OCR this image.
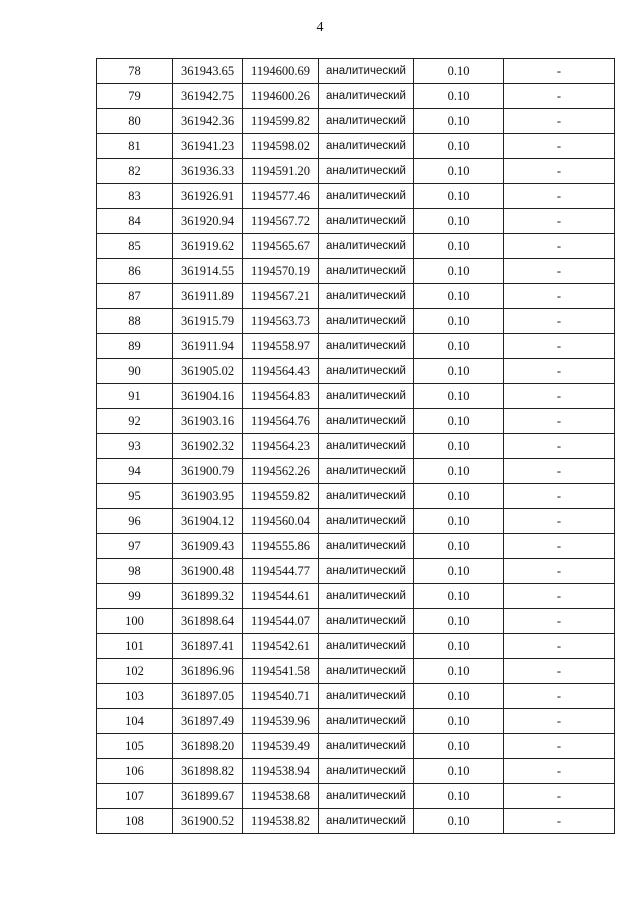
4
78	361943.65	1194600.69	аналитический	0.10	-
79	361942.75	1194600.26	аналитический	0.10	-
80	361942.36	1194599.82	аналитический	0.10	-
81	361941.23	1194598.02	аналитический	0.10	-
82	361936.33	1194591.20	аналитический	0.10	-
83	361926.91	1194577.46	аналитический	0.10	-
84	361920.94	1194567.72	аналитический	0.10	-
85	361919.62	1194565.67	аналитический	0.10	-
86	361914.55	1194570.19	аналитический	0.10	-
87	361911.89	1194567.21	аналитический	0.10	-
88	361915.79	1194563.73	аналитический	0.10	-
89	361911.94	1194558.97	аналитический	0.10	-
90	361905.02	1194564.43	аналитический	0.10	-
91	361904.16	1194564.83	аналитический	0.10	-
92	361903.16	1194564.76	аналитический	0.10	-
93	361902.32	1194564.23	аналитический	0.10	-
94	361900.79	1194562.26	аналитический	0.10	-
95	361903.95	1194559.82	аналитический	0.10	-
96	361904.12	1194560.04	аналитический	0.10	-
97	361909.43	1194555.86	аналитический	0.10	-
98	361900.48	1194544.77	аналитический	0.10	-
99	361899.32	1194544.61	аналитический	0.10	-
100	361898.64	1194544.07	аналитический	0.10	-
101	361897.41	1194542.61	аналитический	0.10	-
102	361896.96	1194541.58	аналитический	0.10	-
103	361897.05	1194540.71	аналитический	0.10	-
104	361897.49	1194539.96	аналитический	0.10	-
105	361898.20	1194539.49	аналитический	0.10	-
106	361898.82	1194538.94	аналитический	0.10	-
107	361899.67	1194538.68	аналитический	0.10	-
108	361900.52	1194538.82	аналитический	0.10	-
